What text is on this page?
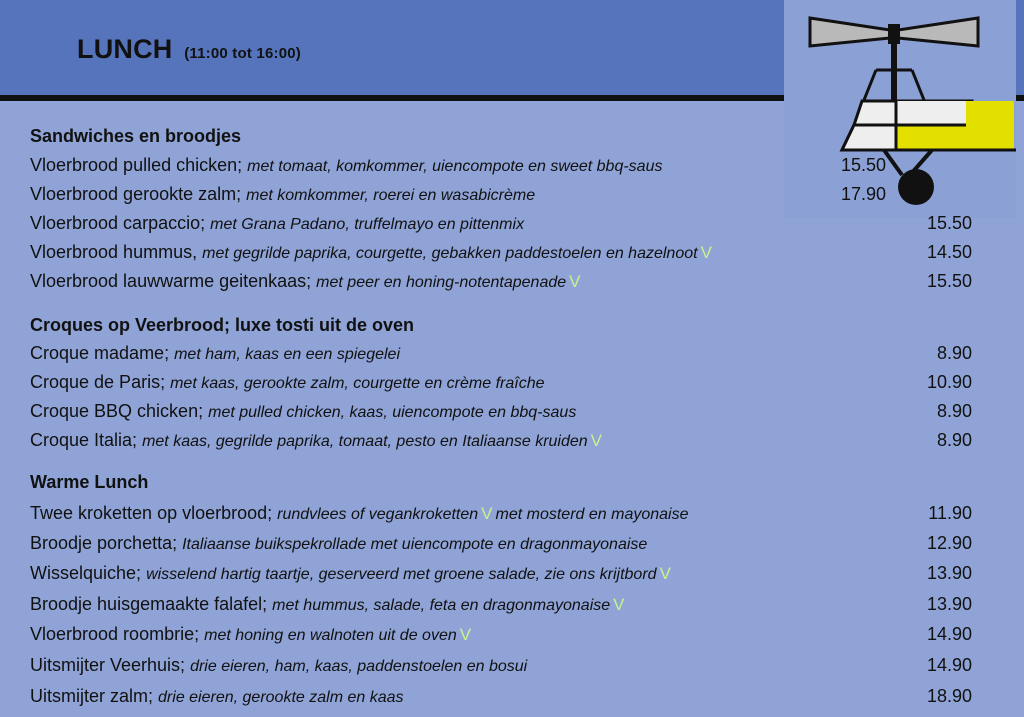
LUNCH (11:00 tot 16:00)
Sandwiches en broodjes
Vloerbrood pulled chicken; met tomaat, komkommer, uiencompote en sweet bbq-saus	15.50
Vloerbrood gerookte zalm; met komkommer, roerei en wasabicrème	17.90
Vloerbrood carpaccio; met Grana Padano, truffelmayo en pittenmix	15.50
Vloerbrood hummus, met gegrilde paprika, courgette, gebakken paddestoelen en hazelnoot V	14.50
Vloerbrood lauwwarme geitenkaas; met peer en honing-notentapenade V	15.50
Croques op Veerbrood; luxe tosti uit de oven
Croque madame; met ham, kaas en een spiegelei	8.90
Croque de Paris; met kaas, gerookte zalm, courgette en crème fraîche	10.90
Croque BBQ chicken; met pulled chicken, kaas, uiencompote en bbq-saus	8.90
Croque Italia; met kaas, gegrilde paprika, tomaat, pesto en Italiaanse kruiden V	8.90
Warme Lunch
Twee kroketten op vloerbrood; rundvlees of vegankroketten V met mosterd en mayonaise	11.90
Broodje porchetta; Italiaanse buikspekrollade met uiencompote en dragonmayonaise	12.90
Wisselquiche; wisselend hartig taartje, geserveerd met groene salade, zie ons krijtbord V	13.90
Broodje huisgemaakte falafel; met hummus, salade, feta en dragonmayonaise V	13.90
Vloerbrood roombrie; met honing en walnoten uit de oven V	14.90
Uitsmijter Veerhuis; drie eieren, ham, kaas, paddenstoelen en bosui	14.90
Uitsmijter zalm; drie eieren, gerookte zalm en kaas	18.90
